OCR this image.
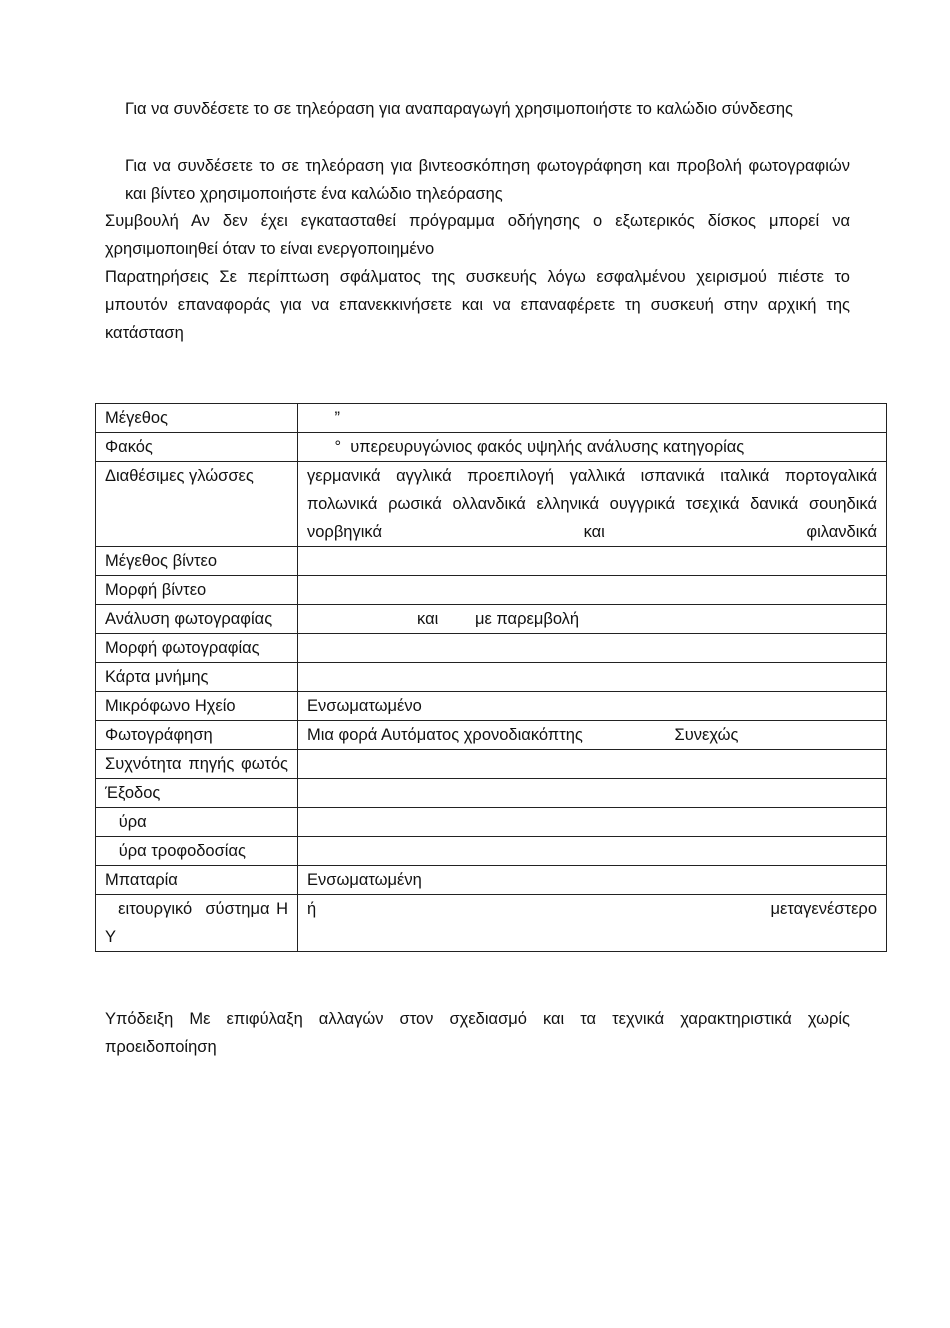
Για να συνδέσετε το σε τηλεόραση για αναπαραγωγή χρησιμοποιήστε το καλώδιο σύνδεσης

Για να συνδέσετε το σε τηλεόραση για βιντεοσκόπηση φωτογράφηση και προβολή φωτογραφιών και βίντεο χρησιμοποιήστε ένα καλώδιο τηλεόρασης

Συμβουλή Αν δεν έχει εγκατασταθεί πρόγραμμα οδήγησης ο εξωτερικός δίσκος μπορεί να χρησιμοποιηθεί όταν το είναι ενεργοποιημένο

Παρατηρήσεις Σε περίπτωση σφάλματος της συσκευής λόγω εσφαλμένου χειρισμού πιέστε το μπουτόν επαναφοράς για να επανεκκινήσετε και να επαναφέρετε τη συσκευή στην αρχική της κατάσταση

Μέγεθος	”
Φακός	°  υπερευρυγώνιος φακός υψηλής ανάλυσης κατηγορίας
Διαθέσιμες γλώσσες	γερμανικά αγγλικά προεπιλογή γαλλικά ισπανικά ιταλικά πορτογαλικά πολωνικά ρωσικά ολλανδικά ελληνικά ουγγρικά τσεχικά δανικά σουηδικά νορβηγικά και φιλανδικά
Μέγεθος βίντεο	
Μορφή βίντεο	
Ανάλυση φωτογραφίας	και        με παρεμβολή
Μορφή φωτογραφίας	
Κάρτα μνήμης	
Μικρόφωνο Ηχείο	Ενσωματωμένο
Φωτογράφηση	Μια φορά Αυτόματος χρονοδιακόπτης                    Συνεχώς
Συχνότητα πηγής φωτός	
Έξοδος	
ύρα	
ύρα τροφοδοσίας	
Μπαταρία	Ενσωματωμένη
ειτουργικό  σύστημα Η Υ	ή μεταγενέστερο

Υπόδειξη Με επιφύλαξη αλλαγών στον σχεδιασμό και τα τεχνικά χαρακτηριστικά χωρίς προειδοποίηση
